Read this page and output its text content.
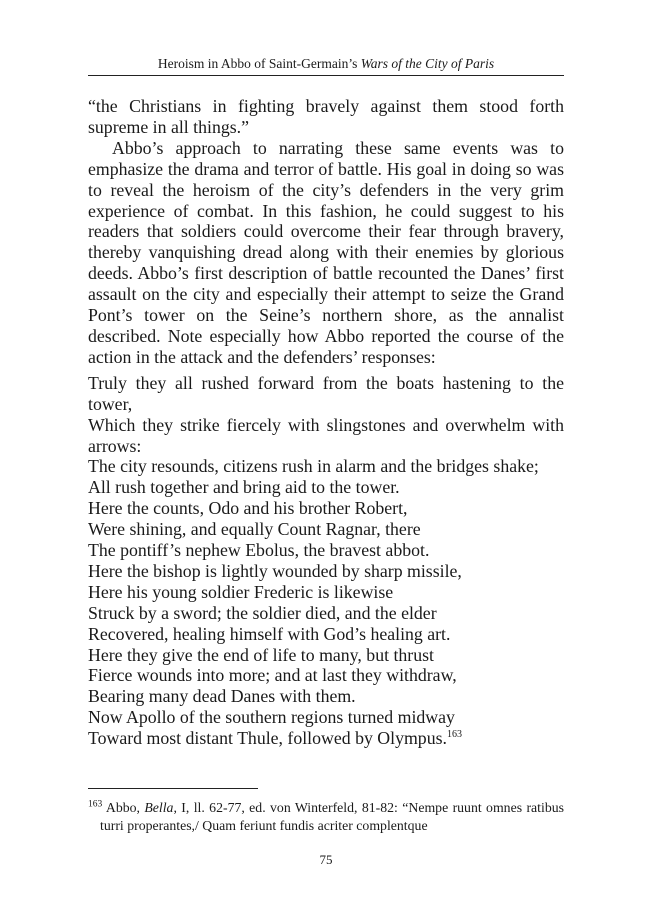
Heroism in Abbo of Saint-Germain’s Wars of the City of Paris

“the Christians in fighting bravely against them stood forth supreme in all things.”

Abbo’s approach to narrating these same events was to emphasize the drama and terror of battle. His goal in doing so was to reveal the heroism of the city’s defenders in the very grim experience of combat. In this fashion, he could suggest to his readers that soldiers could overcome their fear through bravery, thereby vanquishing dread along with their enemies by glorious deeds. Abbo’s first description of battle recounted the Danes’ first assault on the city and especially their attempt to seize the Grand Pont’s tower on the Seine’s northern shore, as the annalist described. Note especially how Abbo reported the course of the action in the attack and the defenders’ responses:

Truly they all rushed forward from the boats hastening to the tower,
Which they strike fiercely with slingstones and overwhelm with arrows:
The city resounds, citizens rush in alarm and the bridges shake;
All rush together and bring aid to the tower.
Here the counts, Odo and his brother Robert,
Were shining, and equally Count Ragnar, there
The pontiff’s nephew Ebolus, the bravest abbot.
Here the bishop is lightly wounded by sharp missile,
Here his young soldier Frederic is likewise
Struck by a sword; the soldier died, and the elder
Recovered, healing himself with God’s healing art.
Here they give the end of life to many, but thrust
Fierce wounds into more; and at last they withdraw,
Bearing many dead Danes with them.
Now Apollo of the southern regions turned midway
Toward most distant Thule, followed by Olympus.$^{163}$

$^{163}$ Abbo, Bella, I, ll. 62-77, ed. von Winterfeld, 81-82: “Nempe ruunt omnes ratibus turri properantes,/ Quam feriunt fundis acriter complentque

75
